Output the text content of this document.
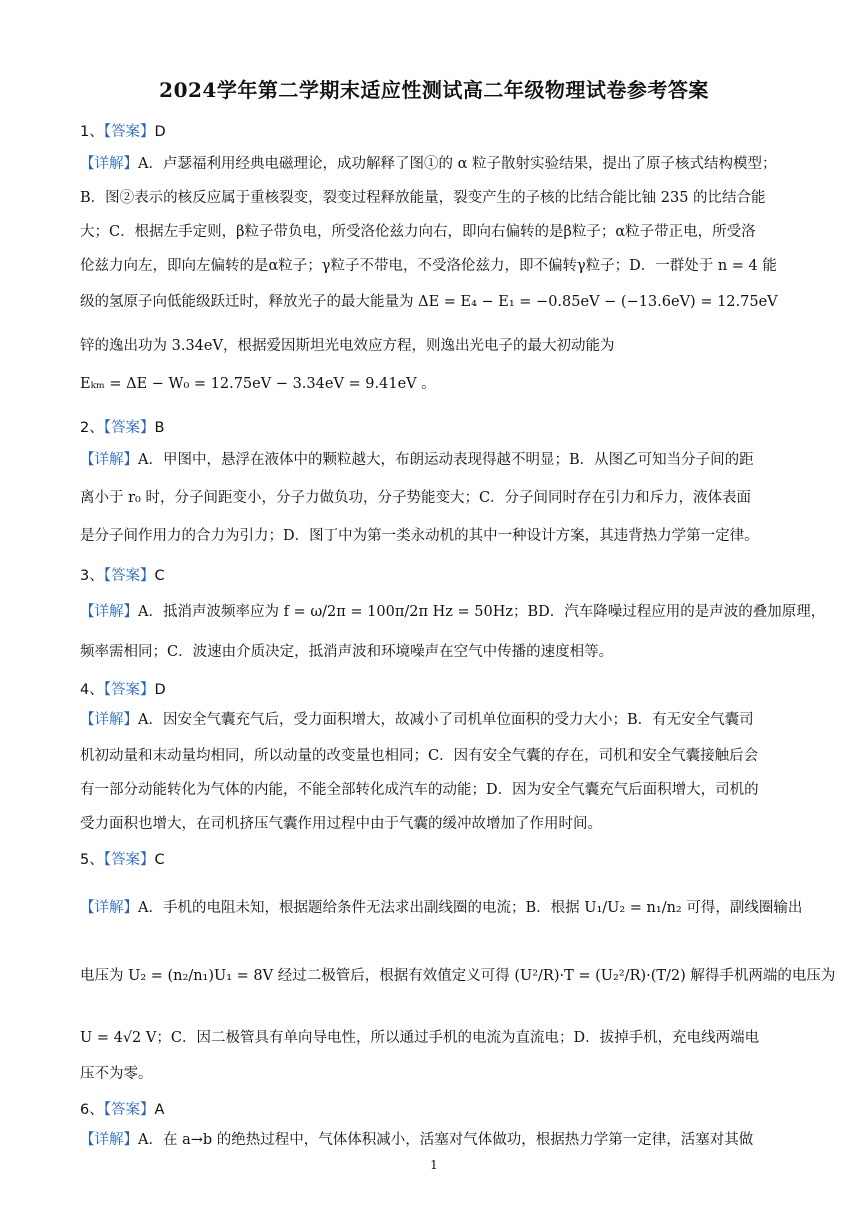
2024学年第二学期末适应性测试高二年级物理试卷参考答案
1、【答案】D
【详解】A．卢瑟福利用经典电磁理论，成功解释了图①的 α 粒子散射实验结果，提出了原子核式结构模型；
B．图②表示的核反应属于重核裂变，裂变过程释放能量，裂变产生的子核的比结合能比铀 235 的比结合能
大；C．根据左手定则，β粒子带负电，所受洛伦兹力向右，即向右偏转的是β粒子；α粒子带正电，所受洛
伦兹力向左，即向左偏转的是α粒子；γ粒子不带电，不受洛伦兹力，即不偏转γ粒子；D．一群处于 n = 4 能
级的氢原子向低能级跃迁时，释放光子的最大能量为 ΔE = E₄ − E₁ = −0.85eV − (−13.6eV) = 12.75eV
锌的逸出功为 3.34eV，根据爱因斯坦光电效应方程，则逸出光电子的最大初动能为
Eₖₘ = ΔE − W₀ = 12.75eV − 3.34eV = 9.41eV 。
2、【答案】B
【详解】A．甲图中，悬浮在液体中的颗粒越大，布朗运动表现得越不明显；B．从图乙可知当分子间的距
离小于 r₀ 时，分子间距变小，分子力做负功，分子势能变大；C．分子间同时存在引力和斥力，液体表面
是分子间作用力的合力为引力；D．图丁中为第一类永动机的其中一种设计方案，其违背热力学第一定律。
3、【答案】C
【详解】A．抵消声波频率应为 f = ω/2π = 100π/2π Hz = 50Hz；BD．汽车降噪过程应用的是声波的叠加原理，
频率需相同；C．波速由介质决定，抵消声波和环境噪声在空气中传播的速度相等。
4、【答案】D
【详解】A．因安全气囊充气后，受力面积增大，故减小了司机单位面积的受力大小；B．有无安全气囊司
机初动量和末动量均相同，所以动量的改变量也相同；C．因有安全气囊的存在，司机和安全气囊接触后会
有一部分动能转化为气体的内能，不能全部转化成汽车的动能；D．因为安全气囊充气后面积增大，司机的
受力面积也增大，在司机挤压气囊作用过程中由于气囊的缓冲故增加了作用时间。
5、【答案】C
【详解】A．手机的电阻未知，根据题给条件无法求出副线圈的电流；B．根据 U₁/U₂ = n₁/n₂ 可得，副线圈输出
电压为 U₂ = (n₂/n₁)U₁ = 8V 经过二极管后，根据有效值定义可得 (U²/R)·T = (U₂²/R)·(T/2) 解得手机两端的电压为
U = 4√2 V；C．因二极管具有单向导电性，所以通过手机的电流为直流电；D．拔掉手机，充电线两端电
压不为零。
6、【答案】A
【详解】A．在 a→b 的绝热过程中，气体体积减小，活塞对气体做功，根据热力学第一定律，活塞对其做
1
